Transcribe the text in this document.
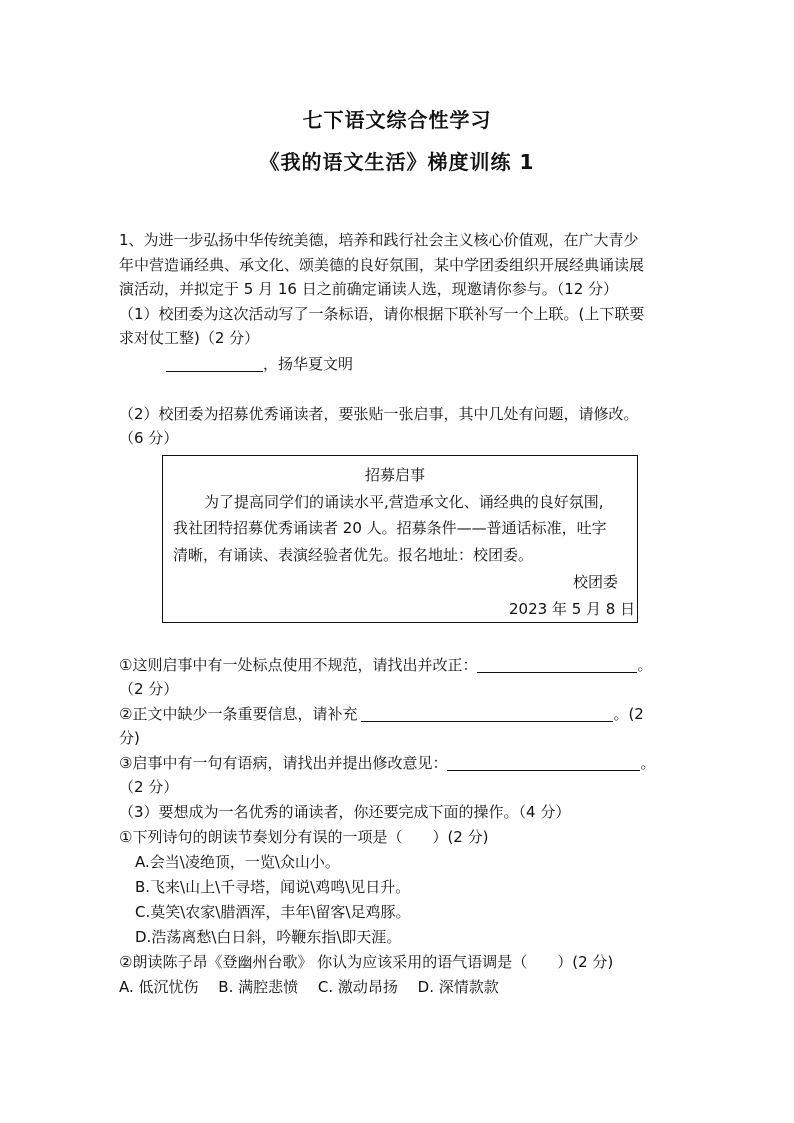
七下语文综合性学习
《我的语文生活》梯度训练 1
1、为进一步弘扬中华传统美德，培养和践行社会主义核心价值观，在广大青少
年中营造诵经典、承文化、颂美德的良好氛围，某中学团委组织开展经典诵读展
演活动，并拟定于 5 月 16 日之前确定诵读人选，现邀请你参与。（12 分）
（1）校团委为这次活动写了一条标语，请你根据下联补写一个上联。(上下联要
求对仗工整)（2 分）
，扬华夏文明
（2）校团委为招募优秀诵读者，要张贴一张启事，其中几处有问题，请修改。
（6 分）
招募启事
为了提高同学们的诵读水平,营造承文化、诵经典的良好氛围,
我社团特招募优秀诵读者 20 人。招募条件——普通话标准，吐字
清晰，有诵读、表演经验者优先。报名地址：校团委。
校团委
2023 年 5 月 8 日
①这则启事中有一处标点使用不规范，请找出并改正：	。
（2 分）
②正文中缺少一条重要信息，请补充	。(2
分)
③启事中有一句有语病，请找出并提出修改意见：	。
（2 分）
（3）要想成为一名优秀的诵读者，你还要完成下面的操作。（4 分）
①下列诗句的朗读节奏划分有误的一项是（　　）(2 分)
A.会当\凌绝顶，一览\众山小。
B.飞来\山上\千寻塔，闻说\鸡鸣\见日升。
C.莫笑\农家\腊酒浑，丰年\留客\足鸡豚。
D.浩荡离愁\白日斜，吟鞭东指\即天涯。
②朗读陈子昂《登幽州台歌》 你认为应该采用的语气语调是（　　）(2 分)
A. 低沉忧伤　 B. 满腔悲愤　 C. 激动昂扬　 D. 深情款款
